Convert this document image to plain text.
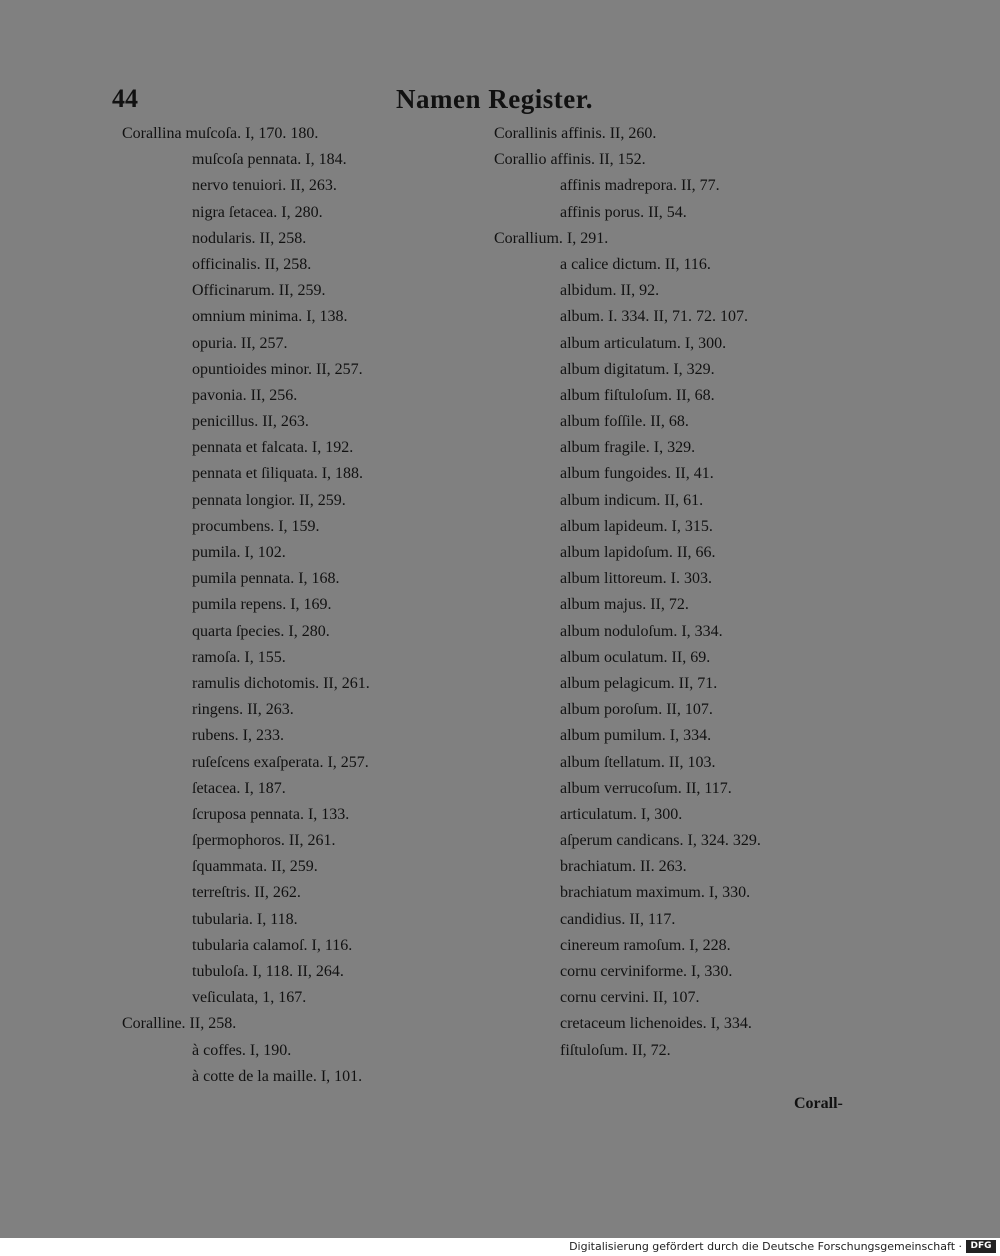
44	Namen Register.
Corallina muſcoſa. I, 170. 180.
muſcoſa pennata. I, 184.
nervo tenuiori. II, 263.
nigra ſetacea. I, 280.
nodularis. II, 258.
officinalis. II, 258.
Officinarum. II, 259.
omnium minima. I, 138.
opuria. II, 257.
opuntioides minor. II, 257.
pavonia. II, 256.
penicillus. II, 263.
pennata et falcata. I, 192.
pennata et ſiliquata. I, 188.
pennata longior. II, 259.
procumbens. I, 159.
pumila. I, 102.
pumila pennata. I, 168.
pumila repens. I, 169.
quarta ſpecies. I, 280.
ramoſa. I, 155.
ramulis dichotomis. II, 261.
ringens. II, 263.
rubens. I, 233.
ruſeſcens exaſperata. I, 257.
ſetacea. I, 187.
ſcruposa pennata. I, 133.
ſpermophoros. II, 261.
ſquammata. II, 259.
terreſtris. II, 262.
tubularia. I, 118.
tubularia calamoſ. I, 116.
tubuloſa. I, 118. II, 264.
veſiculata, 1, 167.
Coralline. II, 258.
à coffes. I, 190.
à cotte de la maille. I, 101.
Corallinis affinis. II, 260.
Corallio affinis. II, 152.
affinis madrepora. II, 77.
affinis porus. II, 54.
Corallium. I, 291.
a calice dictum. II, 116.
albidum. II, 92.
album. I. 334. II, 71. 72. 107.
album articulatum. I, 300.
album digitatum. I, 329.
album fiſtuloſum. II, 68.
album foſſile. II, 68.
album fragile. I, 329.
album fungoides. II, 41.
album indicum. II, 61.
album lapideum. I, 315.
album lapidoſum. II, 66.
album littoreum. I. 303.
album majus. II, 72.
album noduloſum. I, 334.
album oculatum. II, 69.
album pelagicum. II, 71.
album poroſum. II, 107.
album pumilum. I, 334.
album ſtellatum. II, 103.
album verrucoſum. II, 117.
articulatum. I, 300.
aſperum candicans. I, 324. 329.
brachiatum. II. 263.
brachiatum maximum. I, 330.
candidius. II, 117.
cinereum ramoſum. I, 228.
cornu cerviniforme. I, 330.
cornu cervini. II, 107.
cretaceum lichenoides. I, 334.
fiſtuloſum. II, 72.
Corall-
Digitalisierung gefördert durch die Deutsche Forschungsgemeinschaft · DFG
